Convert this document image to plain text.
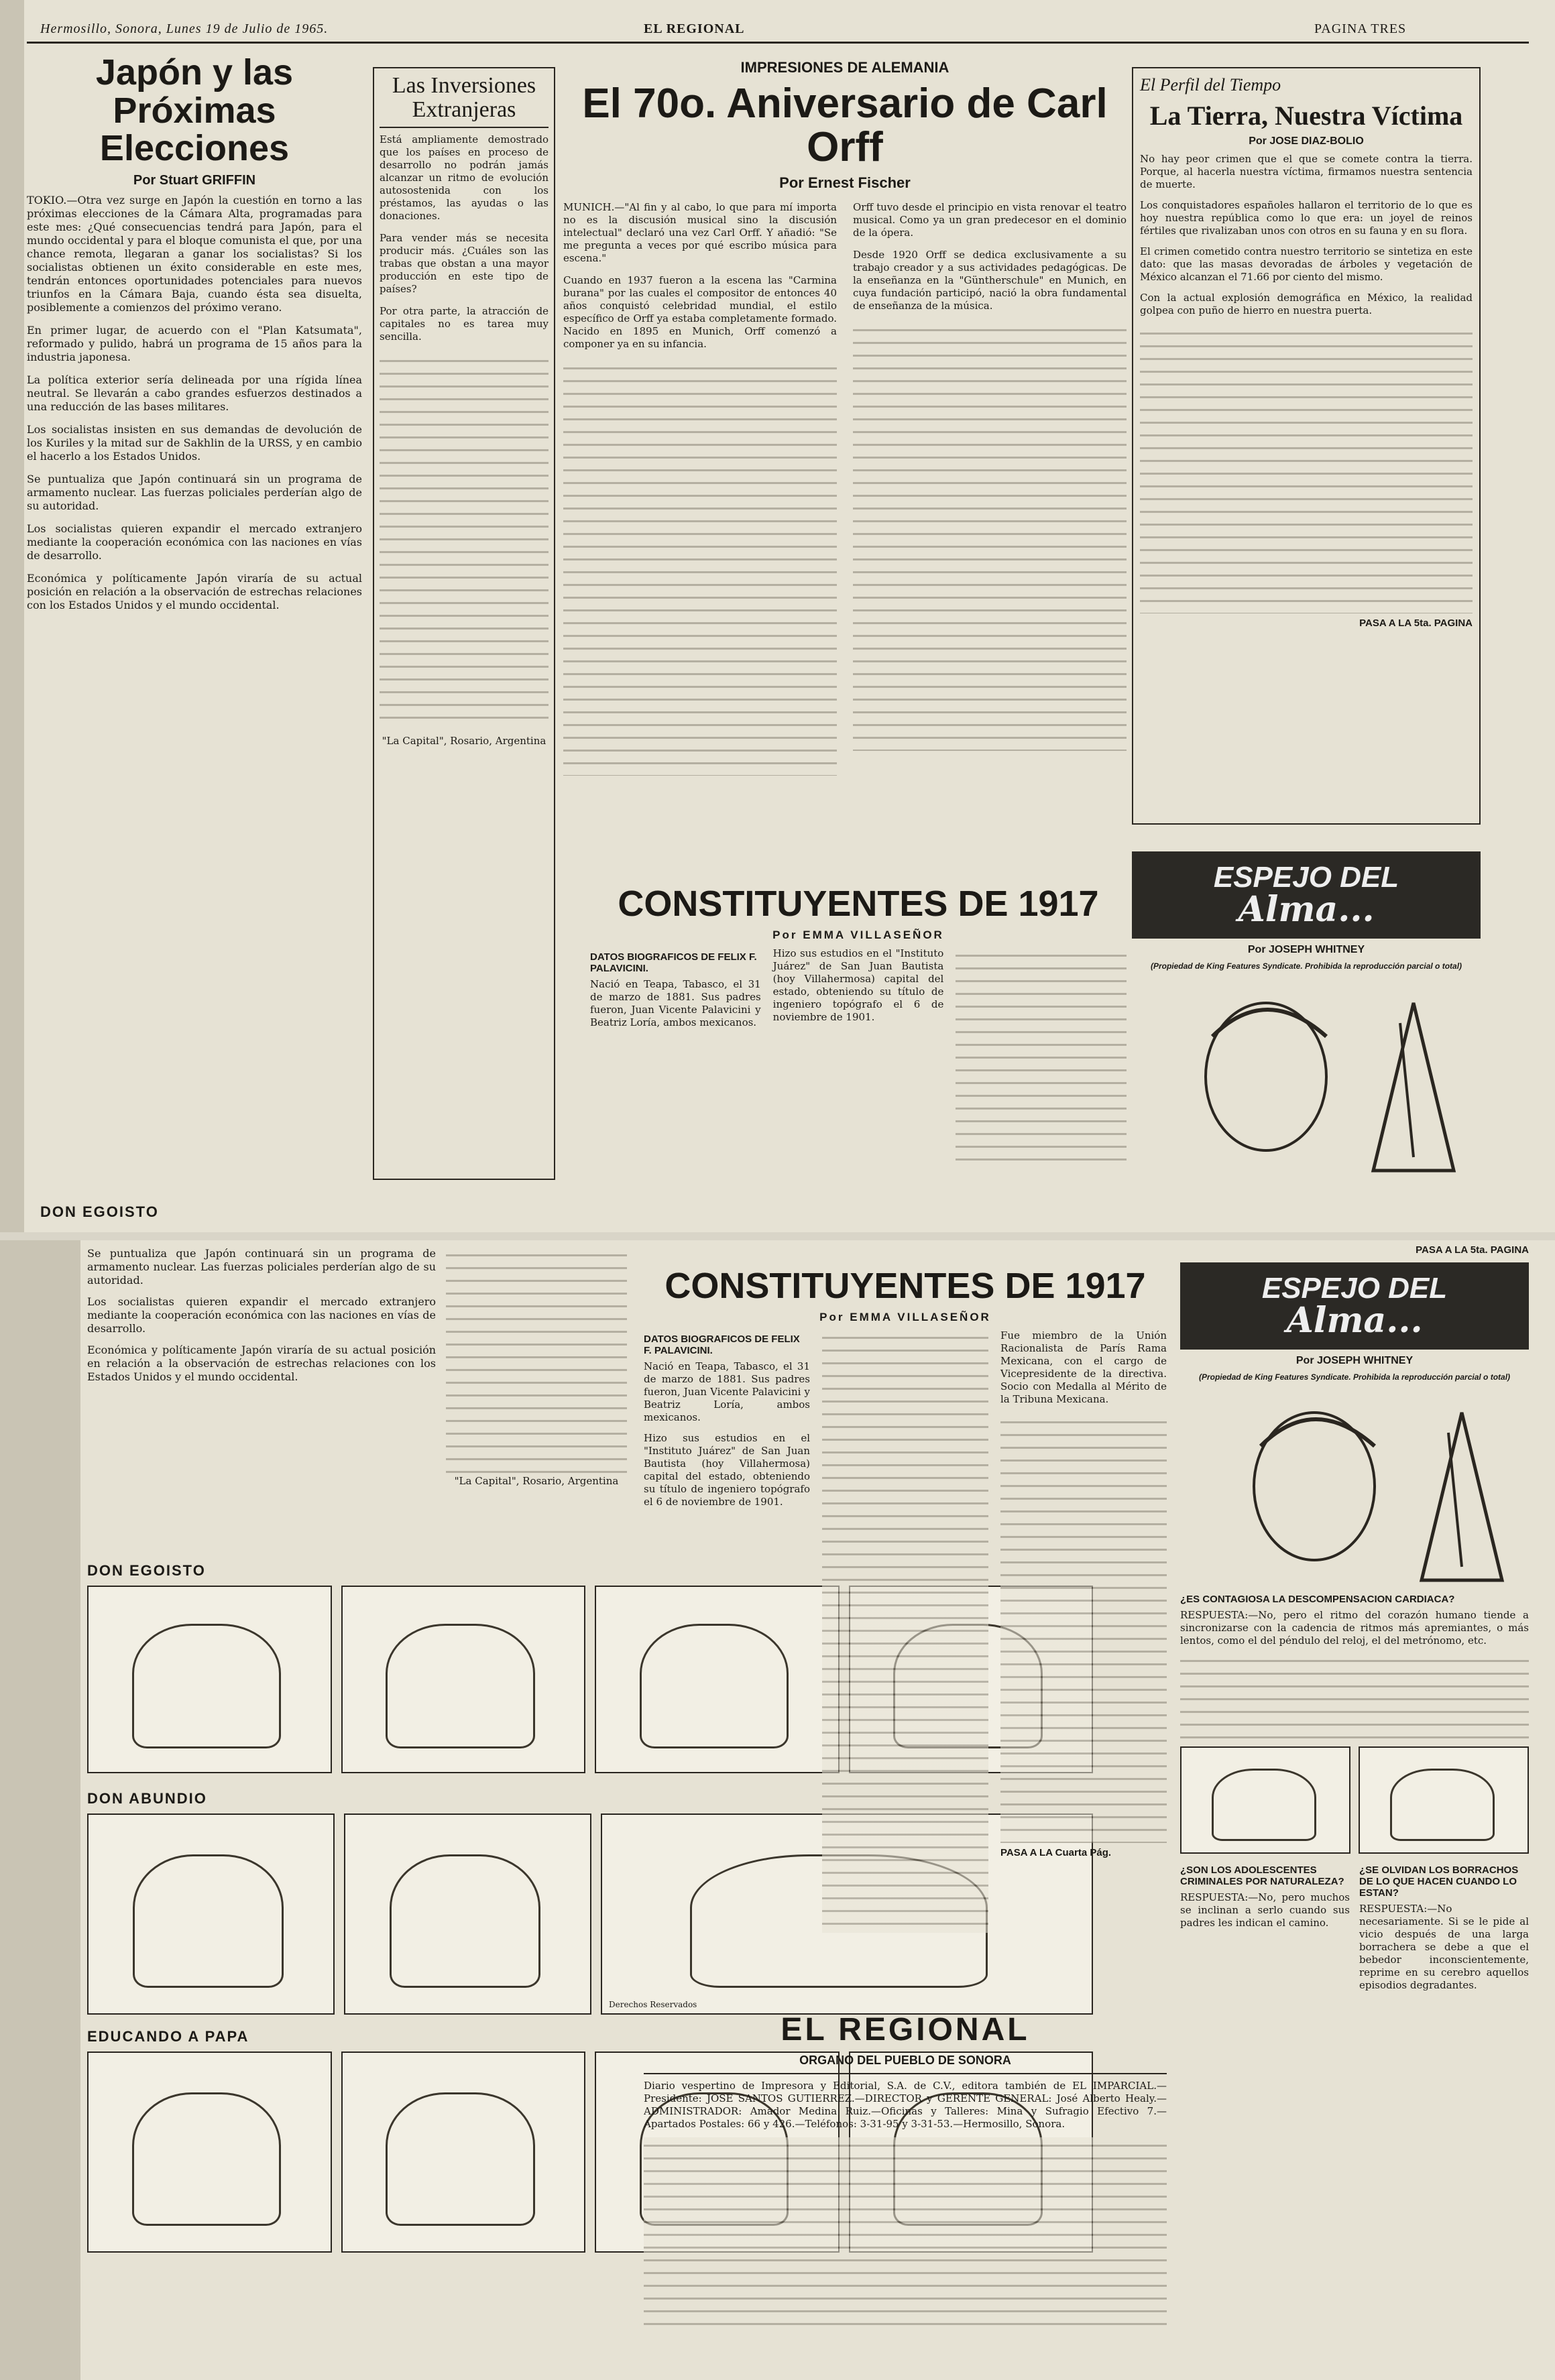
Hermosillo, Sonora, Lunes 19 de Julio de 1965.	EL REGIONAL	PAGINA TRES
Japón y las Próximas Elecciones
Por Stuart GRIFFIN

TOKIO.—Otra vez surge en Japón la cuestión en torno a las próximas elecciones de la Cámara Alta, programadas para este mes: ¿Qué consecuencias tendrá para Japón, para el mundo occidental y para el bloque comunista el que, por una chance remota, llegaran a ganar los socialistas? Si los socialistas obtienen un éxito considerable en este mes, tendrán entonces oportunidades potenciales para nuevos triunfos en la Cámara Baja, cuando ésta sea disuelta, posiblemente a comienzos del próximo verano.

En primer lugar, de acuerdo con el "Plan Katsumata", reformado y pulido, habrá un programa de 15 años para la industria japonesa.

La política exterior sería delineada por una rígida línea neutral. Se llevarán a cabo grandes esfuerzos destinados a una reducción de las bases militares.

Los socialistas insisten en sus demandas de devolución de los Kuriles y la mitad sur de Sakhlin de la URSS, y en cambio el hacerlo a los Estados Unidos.

Se puntualiza que Japón continuará sin un programa de armamento nuclear. Las fuerzas policiales perderían algo de su autoridad.

Los socialistas quieren expandir el mercado extranjero mediante la cooperación económica con las naciones en vías de desarrollo.

Económica y políticamente Japón viraría de su actual posición en relación a la observación de estrechas relaciones con los Estados Unidos y el mundo occidental.

DON EGOISTO
Las Inversiones Extranjeras

Está ampliamente demostrado que los países en proceso de desarrollo no podrán jamás alcanzar un ritmo de evolución autosostenida con los préstamos, las ayudas o las donaciones.

Para vender más se necesita producir más. ¿Cuáles son las trabas que obstan a una mayor producción en este tipo de países?

Por otra parte, la atracción de capitales no es tarea muy sencilla.

"La Capital", Rosario, Argentina

IMPRESIONES DE ALEMANIA
El 70o. Aniversario de Carl Orff
Por Ernest Fischer

MUNICH.—"Al fin y al cabo, lo que para mí importa no es la discusión musical sino la discusión intelectual" declaró una vez Carl Orff. Y añadió: "Se me pregunta a veces por qué escribo música para escena."

Cuando en 1937 fueron a la escena las "Carmina burana" por las cuales el compositor de entonces 40 años conquistó celebridad mundial, el estilo específico de Orff ya estaba completamente formado. Nacido en 1895 en Munich, Orff comenzó a componer ya en su infancia.

Orff tuvo desde el principio en vista renovar el teatro musical. Como ya un gran predecesor en el dominio de la ópera.

Desde 1920 Orff se dedica exclusivamente a su trabajo creador y a sus actividades pedagógicas. De la enseñanza en la "Güntherschule" en Munich, en cuya fundación participó, nació la obra fundamental de enseñanza de la música.

CONSTITUYENTES DE 1917
Por EMMA VILLASEÑOR
DATOS BIOGRAFICOS DE FELIX F. PALAVICINI.

Nació en Teapa, Tabasco, el 31 de marzo de 1881. Sus padres fueron, Juan Vicente Palavicini y Beatriz Loría, ambos mexicanos.

Hizo sus estudios en el "Instituto Juárez" de San Juan Bautista (hoy Villahermosa) capital del estado, obteniendo su título de ingeniero topógrafo el 6 de noviembre de 1901.

El Perfil del Tiempo
La Tierra, Nuestra Víctima
Por JOSE DIAZ-BOLIO

No hay peor crimen que el que se comete contra la tierra. Porque, al hacerla nuestra víctima, firmamos nuestra sentencia de muerte.

Los conquistadores españoles hallaron el territorio de lo que es hoy nuestra república como lo que era: un joyel de reinos fértiles que rivalizaban unos con otros en su fauna y en su flora.

El crimen cometido contra nuestro territorio se sintetiza en este dato: que las masas devoradas de árboles y vegetación de México alcanzan el 71.66 por ciento del mismo.

Con la actual explosión demográfica en México, la realidad golpea con puño de hierro en nuestra puerta.

PASA A LA 5ta. PAGINA
ESPEJO DEL
Alma...
Por JOSEPH WHITNEY
(Propiedad de King Features Syndicate. Prohibida la reproducción parcial o total)

Se puntualiza que Japón continuará sin un programa de armamento nuclear. Las fuerzas policiales perderían algo de su autoridad.

Los socialistas quieren expandir el mercado extranjero mediante la cooperación económica con las naciones en vías de desarrollo.

Económica y políticamente Japón viraría de su actual posición en relación a la observación de estrechas relaciones con los Estados Unidos y el mundo occidental.

"La Capital", Rosario, Argentina

DON EGOISTO
DON ABUNDIO
Derechos Reservados
EDUCANDO A PAPA
CONSTITUYENTES DE 1917
Por EMMA VILLASEÑOR
DATOS BIOGRAFICOS DE FELIX F. PALAVICINI.

Nació en Teapa, Tabasco, el 31 de marzo de 1881. Sus padres fueron, Juan Vicente Palavicini y Beatriz Loría, ambos mexicanos.

Hizo sus estudios en el "Instituto Juárez" de San Juan Bautista (hoy Villahermosa) capital del estado, obteniendo su título de ingeniero topógrafo el 6 de noviembre de 1901.

Fue miembro de la Unión Racionalista de París Rama Mexicana, con el cargo de Vicepresidente de la directiva. Socio con Medalla al Mérito de la Tribuna Mexicana.

PASA A LA Cuarta Pág.
EL REGIONAL
ORGANO DEL PUEBLO DE SONORA

Diario vespertino de Impresora y Editorial, S.A. de C.V., editora también de EL IMPARCIAL.—Presidente: JOSE SANTOS GUTIERREZ.—DIRECTOR y GERENTE GENERAL: José Alberto Healy.—ADMINISTRADOR: Amador Medina Ruiz.—Oficinas y Talleres: Mina y Sufragio Efectivo 7.—Apartados Postales: 66 y 426.—Teléfonos: 3-31-95 y 3-31-53.—Hermosillo, Sonora.

PASA A LA 5ta. PAGINA
ESPEJO DEL
Alma...
Por JOSEPH WHITNEY
(Propiedad de King Features Syndicate. Prohibida la reproducción parcial o total)
¿ES CONTAGIOSA LA DESCOMPENSACION CARDIACA?

RESPUESTA:—No, pero el ritmo del corazón humano tiende a sincronizarse con la cadencia de ritmos más apremiantes, o más lentos, como el del péndulo del reloj, el del metrónomo, etc.

¿SON LOS ADOLESCENTES CRIMINALES POR NATURALEZA?

RESPUESTA:—No, pero muchos se inclinan a serlo cuando sus padres les indican el camino.

¿SE OLVIDAN LOS BORRACHOS DE LO QUE HACEN CUANDO LO ESTAN?

RESPUESTA:—No necesariamente. Si se le pide al vicio después de una larga borrachera se debe a que el bebedor inconscientemente, reprime en su cerebro aquellos episodios degradantes.
